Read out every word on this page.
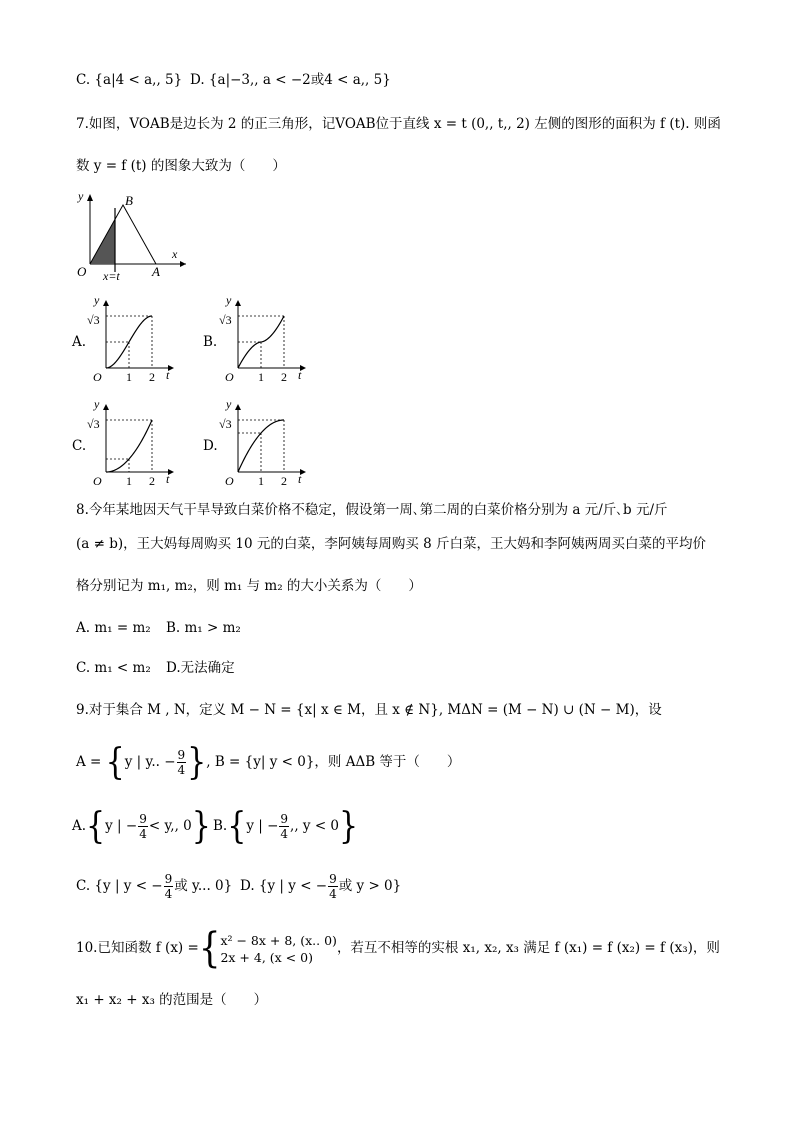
C. {a|4 < a,, 5} D. {a|−3,, a < −2或4 < a,, 5}
7.如图，VOAB是边长为 2 的正三角形，记VOAB位于直线 x = t (0,, t,, 2) 左侧的图形的面积为 f (t). 则函
数 y = f (t) 的图象大致为（　　）
y	B
x
O	A
x=t
A.	B.
C.	D.
y
√3
O 1 2 t
y
√3
O 1 2 t
y
√3
O 1 2 t
y
√3
O 1 2 t
8.今年某地因天气干旱导致白菜价格不稳定，假设第一周､第二周的白菜价格分别为 a 元/斤､b 元/斤
(a ≠ b)，王大妈每周购买 10 元的白菜，李阿姨每周购买 8 斤白菜，王大妈和李阿姨两周买白菜的平均价
格分别记为 m₁, m₂，则 m₁ 与 m₂ 的大小关系为（　　）
A. m₁ = m₂ B. m₁ > m₂
C. m₁ < m₂ D.无法确定
9.对于集合 M , N，定义 M − N = {x| x ∈ M，且 x ∉ N}, MΔN = (M − N) ∪ (N − M)，设
A = {y | y.. − $\frac{9}{4}$ }, B = {y| y < 0}，则 AΔB 等于（　　）
A.{y | − $\frac{9}{4} < y$,, 0} B.{y | − $\frac{9}{4}$ ,, y < 0}
C. {y | y < − $\frac{9}{4}$ 或 y... 0} D. {y | y < − $\frac{9}{4}$ 或 y > 0}
10.已知函数 f (x) ={ x² − 8x + 8, (x.. 0)
2x + 4, (x < 0)
，若互不相等的实根 x₁, x₂, x₃ 满足 f (x₁) = f (x₂) = f (x₃)，则
x₁ + x₂ + x₃ 的范围是（　　）
